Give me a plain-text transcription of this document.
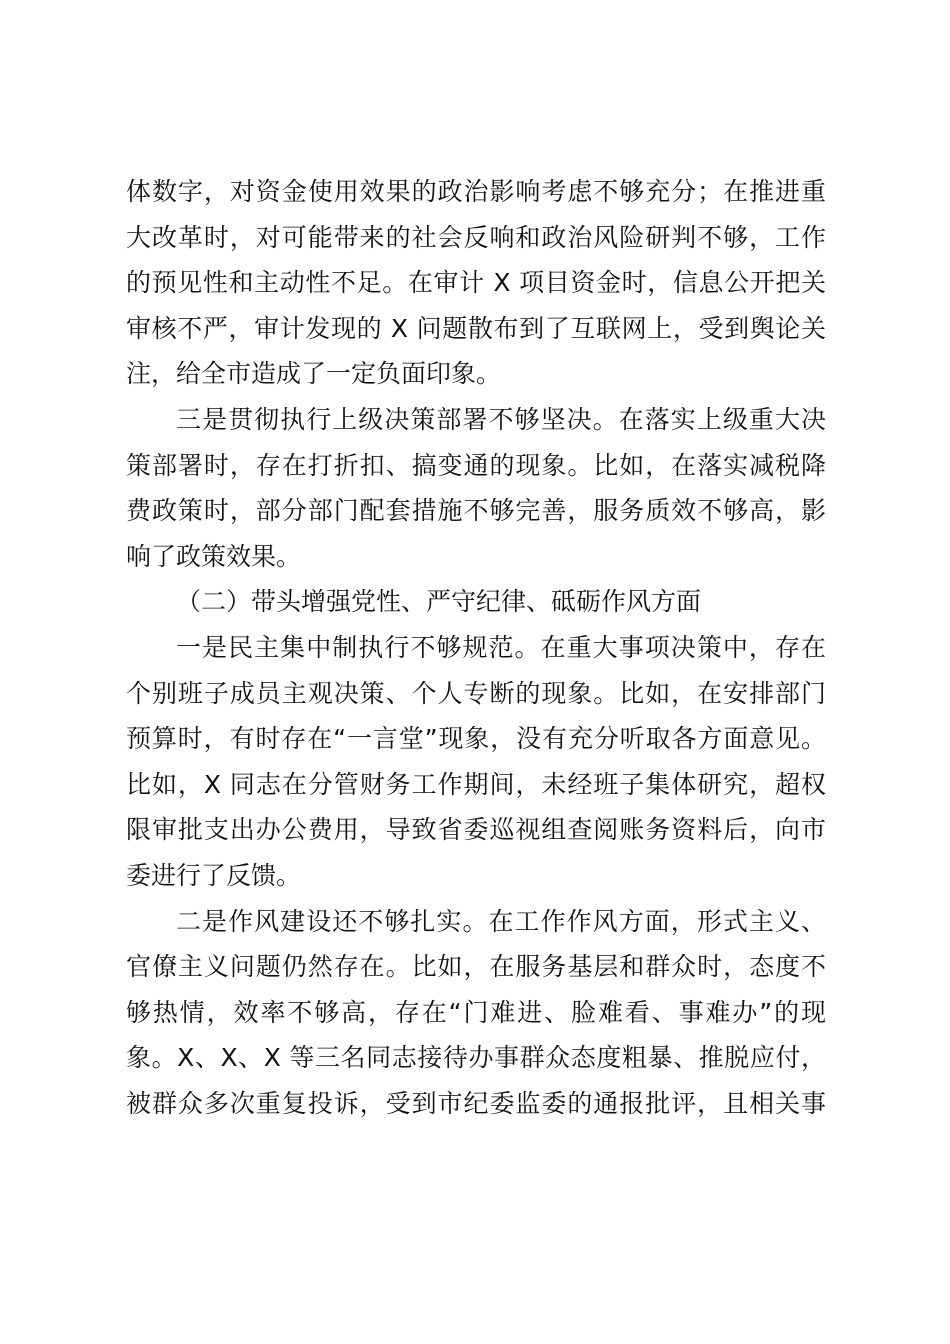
体数字，对资金使用效果的政治影响考虑不够充分；在推进重
大改革时，对可能带来的社会反响和政治风险研判不够，工作
的预见性和主动性不足。在审计 X 项目资金时，信息公开把关
审核不严，审计发现的 X 问题散布到了互联网上，受到舆论关
注，给全市造成了一定负面印象。
三是贯彻执行上级决策部署不够坚决。在落实上级重大决
策部署时，存在打折扣、搞变通的现象。比如，在落实减税降
费政策时，部分部门配套措施不够完善，服务质效不够高，影
响了政策效果。
（二）带头增强党性、严守纪律、砥砺作风方面
一是民主集中制执行不够规范。在重大事项决策中，存在
个别班子成员主观决策、个人专断的现象。比如，在安排部门
预算时，有时存在“一言堂”现象，没有充分听取各方面意见。
比如，X 同志在分管财务工作期间，未经班子集体研究，超权
限审批支出办公费用，导致省委巡视组查阅账务资料后，向市
委进行了反馈。
二是作风建设还不够扎实。在工作作风方面，形式主义、
官僚主义问题仍然存在。比如，在服务基层和群众时，态度不
够热情，效率不够高，存在“门难进、脸难看、事难办”的现
象。X、X、X 等三名同志接待办事群众态度粗暴、推脱应付，
被群众多次重复投诉，受到市纪委监委的通报批评，且相关事
